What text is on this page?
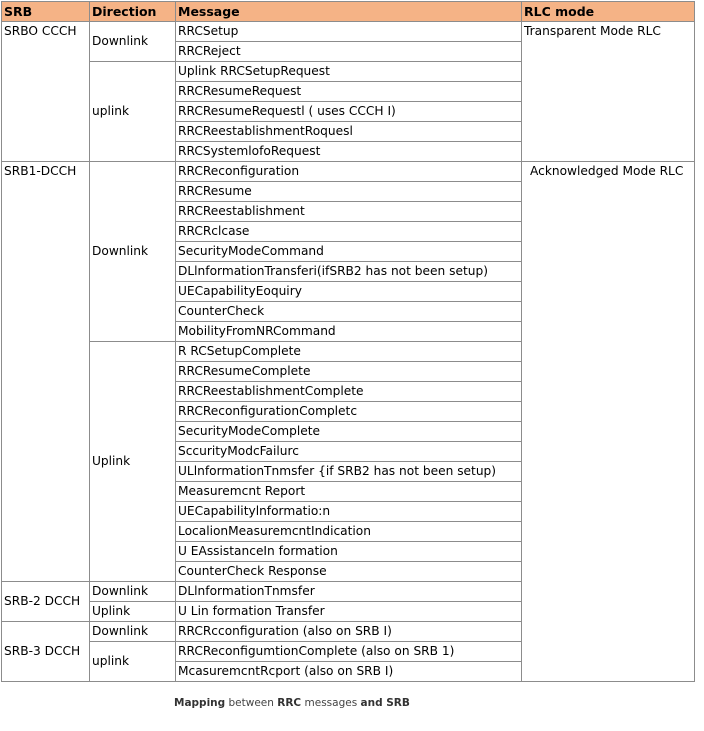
SRB	Direction	Message	RLC mode
SRBO CCCH	Downlink	RRCSetup	Transparent Mode RLC
		RRCReject	
	uplink	Uplink RRCSetupRequest	
		RRCResumeRequest	
		RRCResumeRequestl ( uses CCCH I)	
		RRCReestablishmentRoquesl	
		RRCSystemlofoRequest	
SRB1-DCCH	Downlink	RRCReconfiguration	Acknowledged Mode RLC
		RRCResume	
		RRCReestablishment	
		RRCRclcase	
		SecurityModeCommand	
		DLlnformationTransferi(ifSRB2 has not been setup)	
		UECapabilityEoquiry	
		CounterCheck	
		MobilityFromNRCommand	
	Uplink	R RCSetupComplete	
		RRCResumeComplete	
		RRCReestablishmentComplete	
		RRCReconfigurationCompletc	
		SecurityModeComplete	
		SccurityModcFailurc	
		ULlnformationTnmsfer {if SRB2 has not been setup)	
		Measuremcnt Report	
		UECapabilitylnformatio:n	
		LocalionMeasuremcntIndication	
		U EAssistanceIn formation	
		CounterCheck Response	
SRB-2 DCCH	Downlink	DLlnformationTnmsfer	
	Uplink	U Lin formation Transfer	
SRB-3 DCCH	Downlink	RRCRcconfiguration (also on SRB I)	
	uplink	RRCReconfigumtionComplete (also on SRB 1)	
		McasuremcntRcport (also on SRB I)	
Mapping between RRC messages and SRB
